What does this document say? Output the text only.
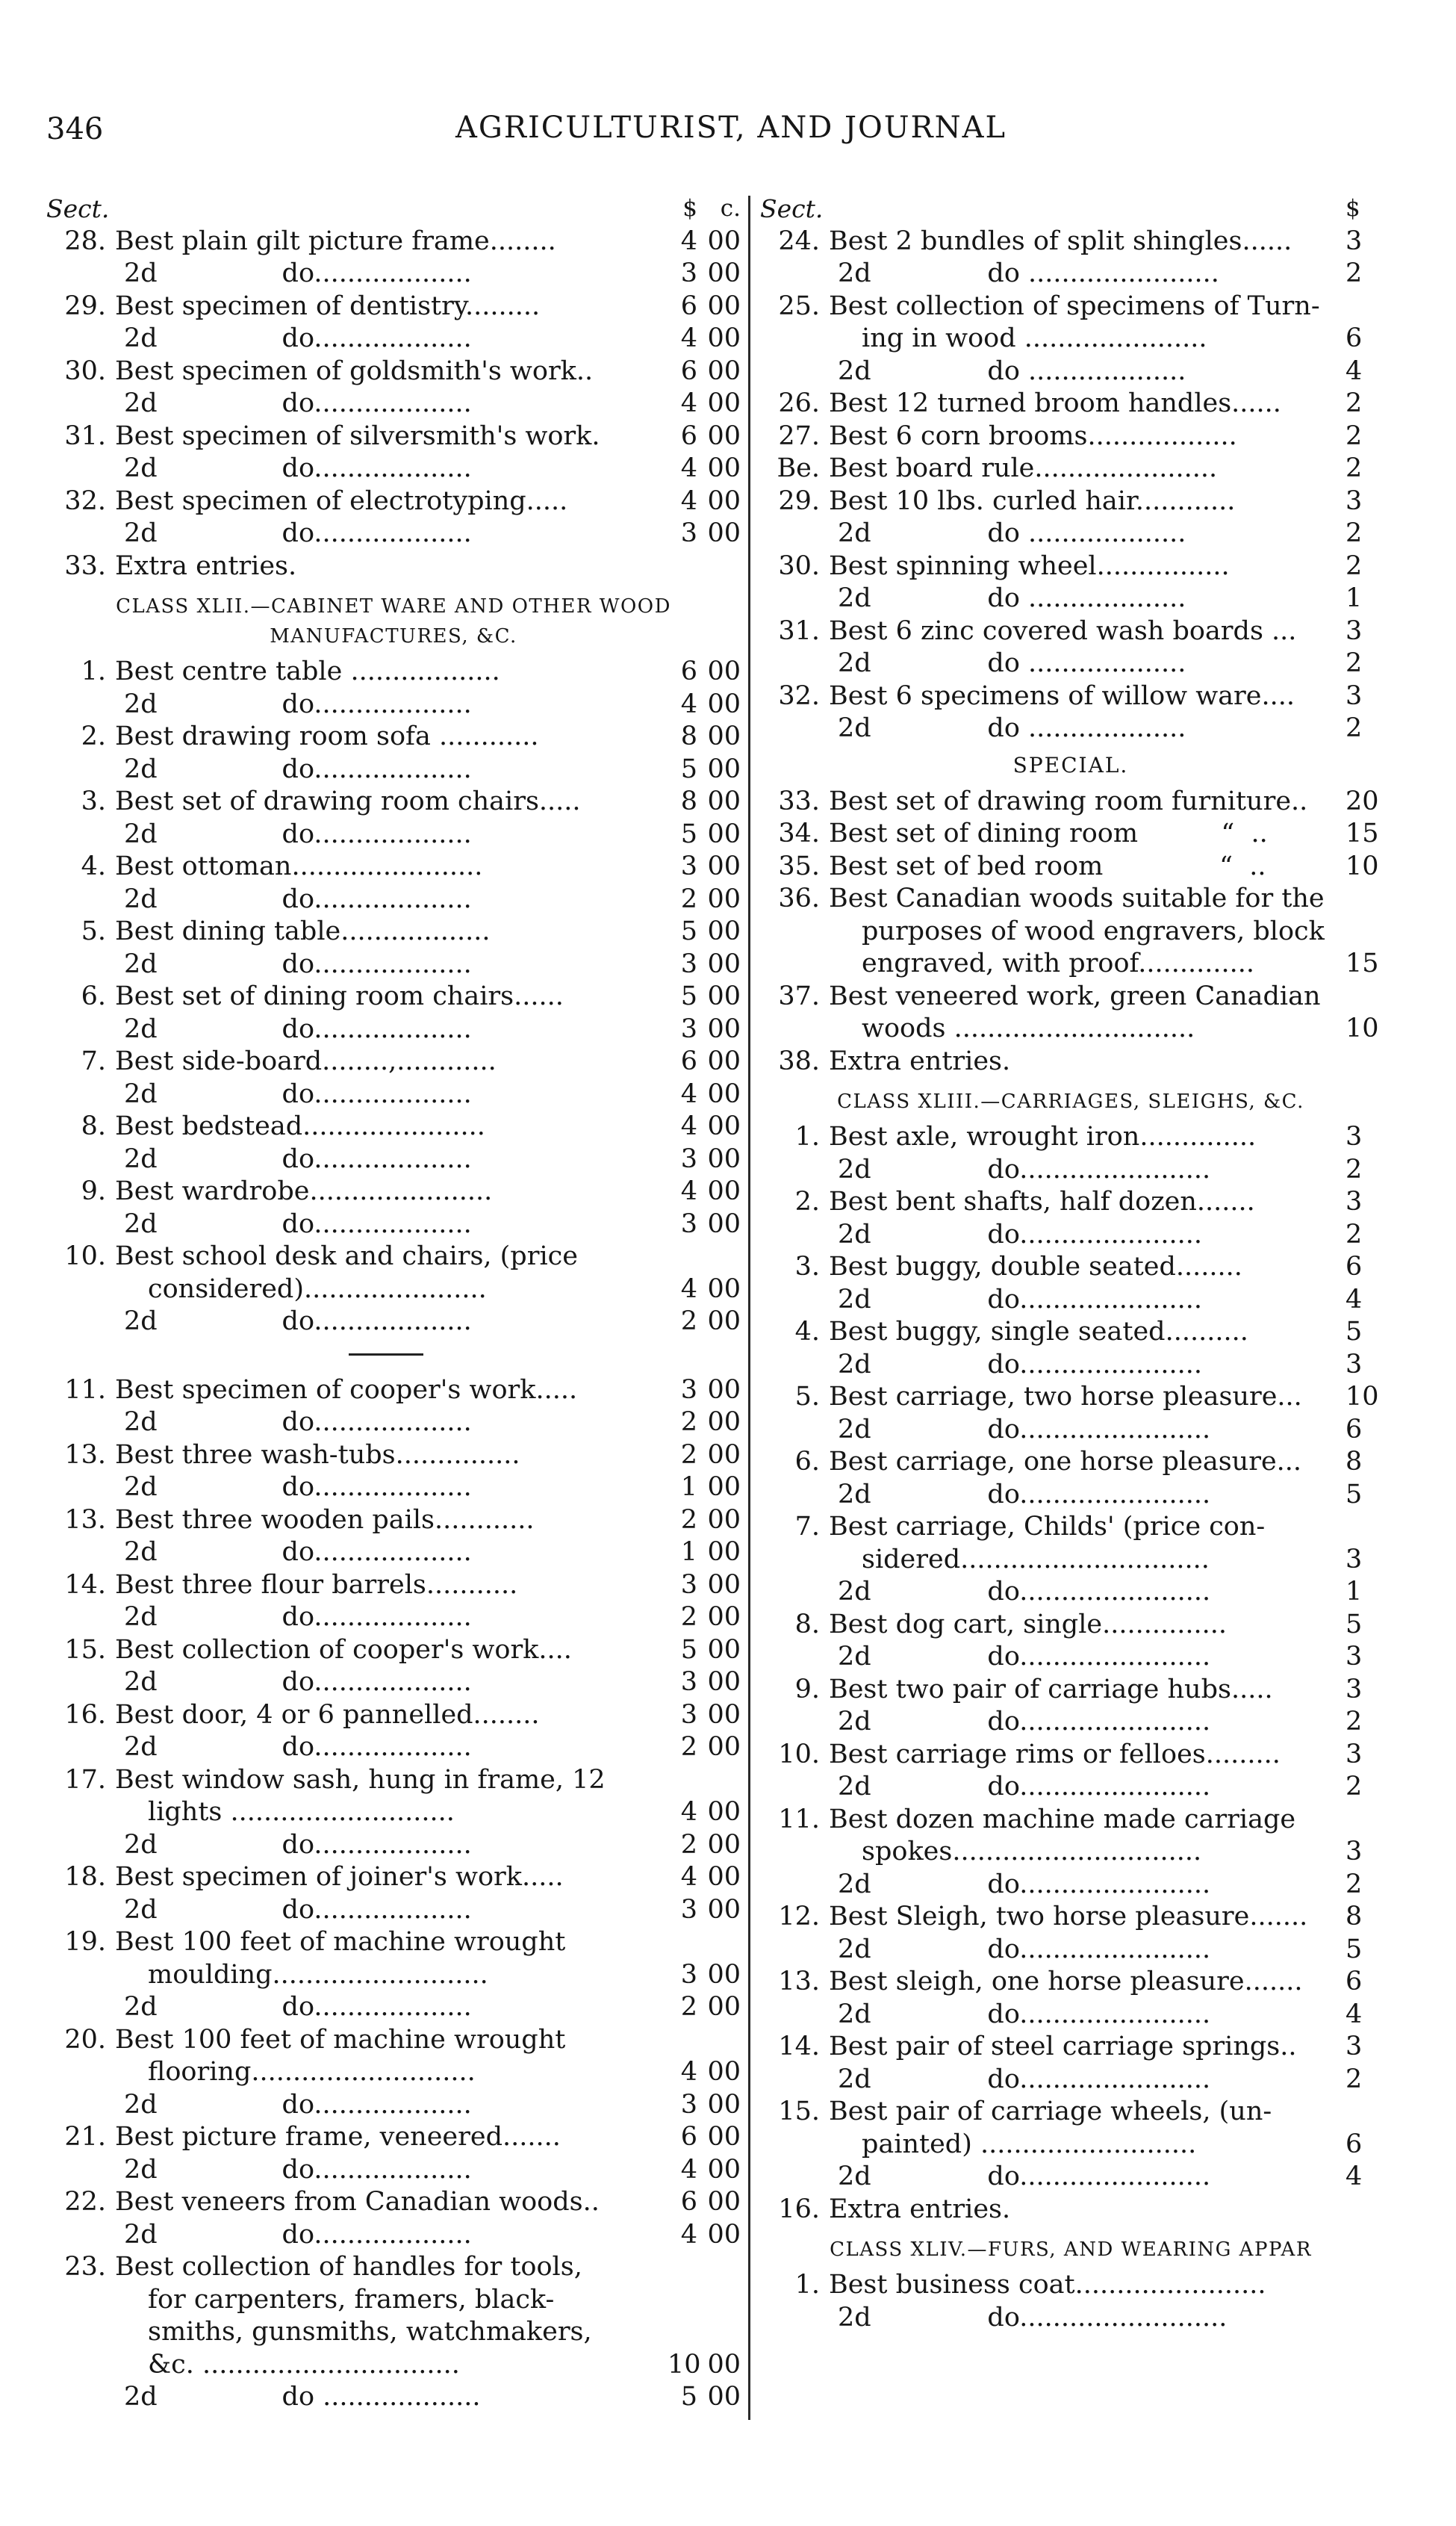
346	AGRICULTURIST, AND JOURNAL
Sect.	$ c.
28. Best plain gilt picture frame........	4 00
2d               do...................	3 00
29. Best specimen of dentistry.........	6 00
2d               do...................	4 00
30. Best specimen of goldsmith's work..	6 00
2d               do...................	4 00
31. Best specimen of silversmith's work.	6 00
2d               do...................	4 00
32. Best specimen of electrotyping.....	4 00
2d               do...................	3 00
33. Extra entries.
CLASS XLII.—CABINET WARE AND OTHER WOOD MANUFACTURES, &C.
1. Best centre table ..................	6 00
2d               do...................	4 00
2. Best drawing room sofa ............	8 00
2d               do...................	5 00
3. Best set of drawing room chairs.....	8 00
2d               do...................	5 00
4. Best ottoman.......................	3 00
2d               do...................	2 00
5. Best dining table..................	5 00
2d               do...................	3 00
6. Best set of dining room chairs......	5 00
2d               do...................	3 00
7. Best side-board........,............	6 00
2d               do...................	4 00
8. Best bedstead......................	4 00
2d               do...................	3 00
9. Best wardrobe......................	4 00
2d               do...................	3 00
10. Best school desk and chairs, (price
considered)......................	4 00
2d               do...................	2 00
11. Best specimen of cooper's work.....	3 00
2d               do...................	2 00
13. Best three wash-tubs...............	2 00
2d               do...................	1 00
13. Best three wooden pails............	2 00
2d               do...................	1 00
14. Best three flour barrels...........	3 00
2d               do...................	2 00
15. Best collection of cooper's work....	5 00
2d               do...................	3 00
16. Best door, 4 or 6 pannelled........	3 00
2d               do...................	2 00
17. Best window sash, hung in frame, 12
lights ...........................	4 00
2d               do...................	2 00
18. Best specimen of joiner's work.....	4 00
2d               do...................	3 00
19. Best 100 feet of machine wrought
moulding..........................	3 00
2d               do...................	2 00
20. Best 100 feet of machine wrought
flooring...........................	4 00
2d               do...................	3 00
21. Best picture frame, veneered.......	6 00
2d               do...................	4 00
22. Best veneers from Canadian woods..	6 00
2d               do...................	4 00
23. Best collection of handles for tools,
for carpenters, framers, black-
smiths, gunsmiths, watchmakers,
&c. ...............................	10 00
2d               do ...................	5 00
Sect.	$
24. Best 2 bundles of split shingles......	3
2d              do .......................	2
25. Best collection of specimens of Turn-
ing in wood ......................	6
2d              do ...................	4
26. Best 12 turned broom handles......	2
27. Best 6 corn brooms..................	2
Be. Best board rule......................	2
29. Best 10 lbs. curled hair............	3
2d              do ...................	2
30. Best spinning wheel................	2
2d              do ...................	1
31. Best 6 zinc covered wash boards ...	3
2d              do ...................	2
32. Best 6 specimens of willow ware....	3
2d              do ...................	2
SPECIAL.
33. Best set of drawing room furniture..	20
34. Best set of dining room          “  ..	15
35. Best set of bed room              “  ..	10
36. Best Canadian woods suitable for the
purposes of wood engravers, block
engraved, with proof..............	15
37. Best veneered work, green Canadian
woods .............................	10
38. Extra entries.
CLASS XLIII.—CARRIAGES, SLEIGHS, &C.
1. Best axle, wrought iron..............	3
2d              do.......................	2
2. Best bent shafts, half dozen.......	3
2d              do......................	2
3. Best buggy, double seated........	6
2d              do......................	4
4. Best buggy, single seated..........	5
2d              do......................	3
5. Best carriage, two horse pleasure...	10
2d              do.......................	6
6. Best carriage, one horse pleasure...	8
2d              do.......................	5
7. Best carriage, Childs' (price con-
sidered..............................	3
2d              do.......................	1
8. Best dog cart, single...............	5
2d              do.......................	3
9. Best two pair of carriage hubs.....	3
2d              do.......................	2
10. Best carriage rims or felloes.........	3
2d              do.......................	2
11. Best dozen machine made carriage
spokes..............................	3
2d              do.......................	2
12. Best Sleigh, two horse pleasure.......	8
2d              do.......................	5
13. Best sleigh, one horse pleasure.......	6
2d              do.......................	4
14. Best pair of steel carriage springs..	3
2d              do.......................	2
15. Best pair of carriage wheels, (un-
painted) ..........................	6
2d              do.......................	4
16. Extra entries.
CLASS XLIV.—FURS, AND WEARING APPAR
1. Best business coat.......................
2d              do.........................
